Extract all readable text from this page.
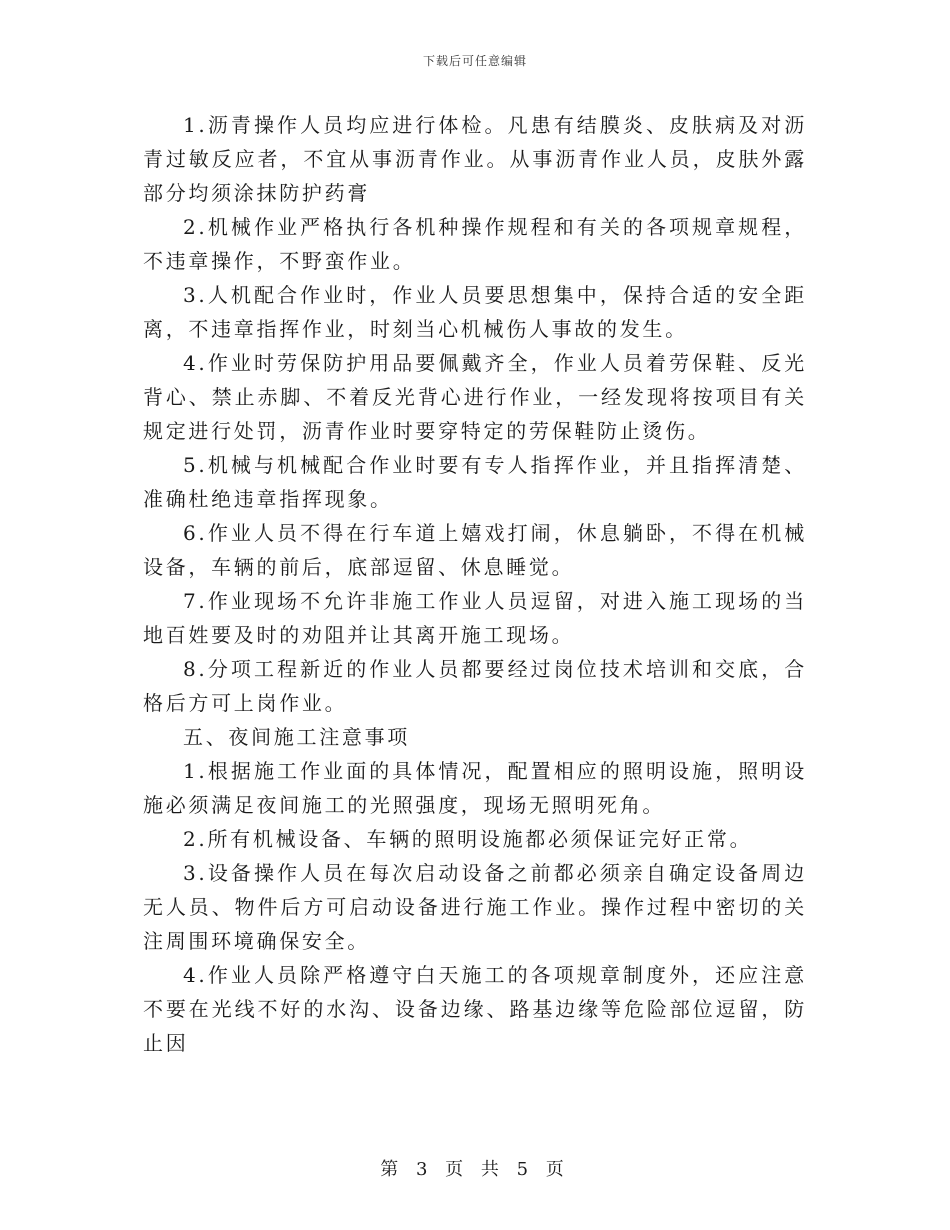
下载后可任意编辑

1.沥青操作人员均应进行体检。凡患有结膜炎、皮肤病及对沥青过敏反应者，不宜从事沥青作业。从事沥青作业人员，皮肤外露部分均须涂抹防护药膏

2.机械作业严格执行各机种操作规程和有关的各项规章规程，不违章操作，不野蛮作业。

3.人机配合作业时，作业人员要思想集中，保持合适的安全距离，不违章指挥作业，时刻当心机械伤人事故的发生。

4.作业时劳保防护用品要佩戴齐全，作业人员着劳保鞋、反光背心、禁止赤脚、不着反光背心进行作业，一经发现将按项目有关规定进行处罚，沥青作业时要穿特定的劳保鞋防止烫伤。

5.机械与机械配合作业时要有专人指挥作业，并且指挥清楚、准确杜绝违章指挥现象。

6.作业人员不得在行车道上嬉戏打闹，休息躺卧，不得在机械设备，车辆的前后，底部逗留、休息睡觉。

7.作业现场不允许非施工作业人员逗留，对进入施工现场的当地百姓要及时的劝阻并让其离开施工现场。

8.分项工程新近的作业人员都要经过岗位技术培训和交底，合格后方可上岗作业。

五、夜间施工注意事项

1.根据施工作业面的具体情况，配置相应的照明设施，照明设施必须满足夜间施工的光照强度，现场无照明死角。

2.所有机械设备、车辆的照明设施都必须保证完好正常。

3.设备操作人员在每次启动设备之前都必须亲自确定设备周边无人员、物件后方可启动设备进行施工作业。操作过程中密切的关注周围环境确保安全。

4.作业人员除严格遵守白天施工的各项规章制度外，还应注意不要在光线不好的水沟、设备边缘、路基边缘等危险部位逗留，防止因

第 3 页 共 5 页
